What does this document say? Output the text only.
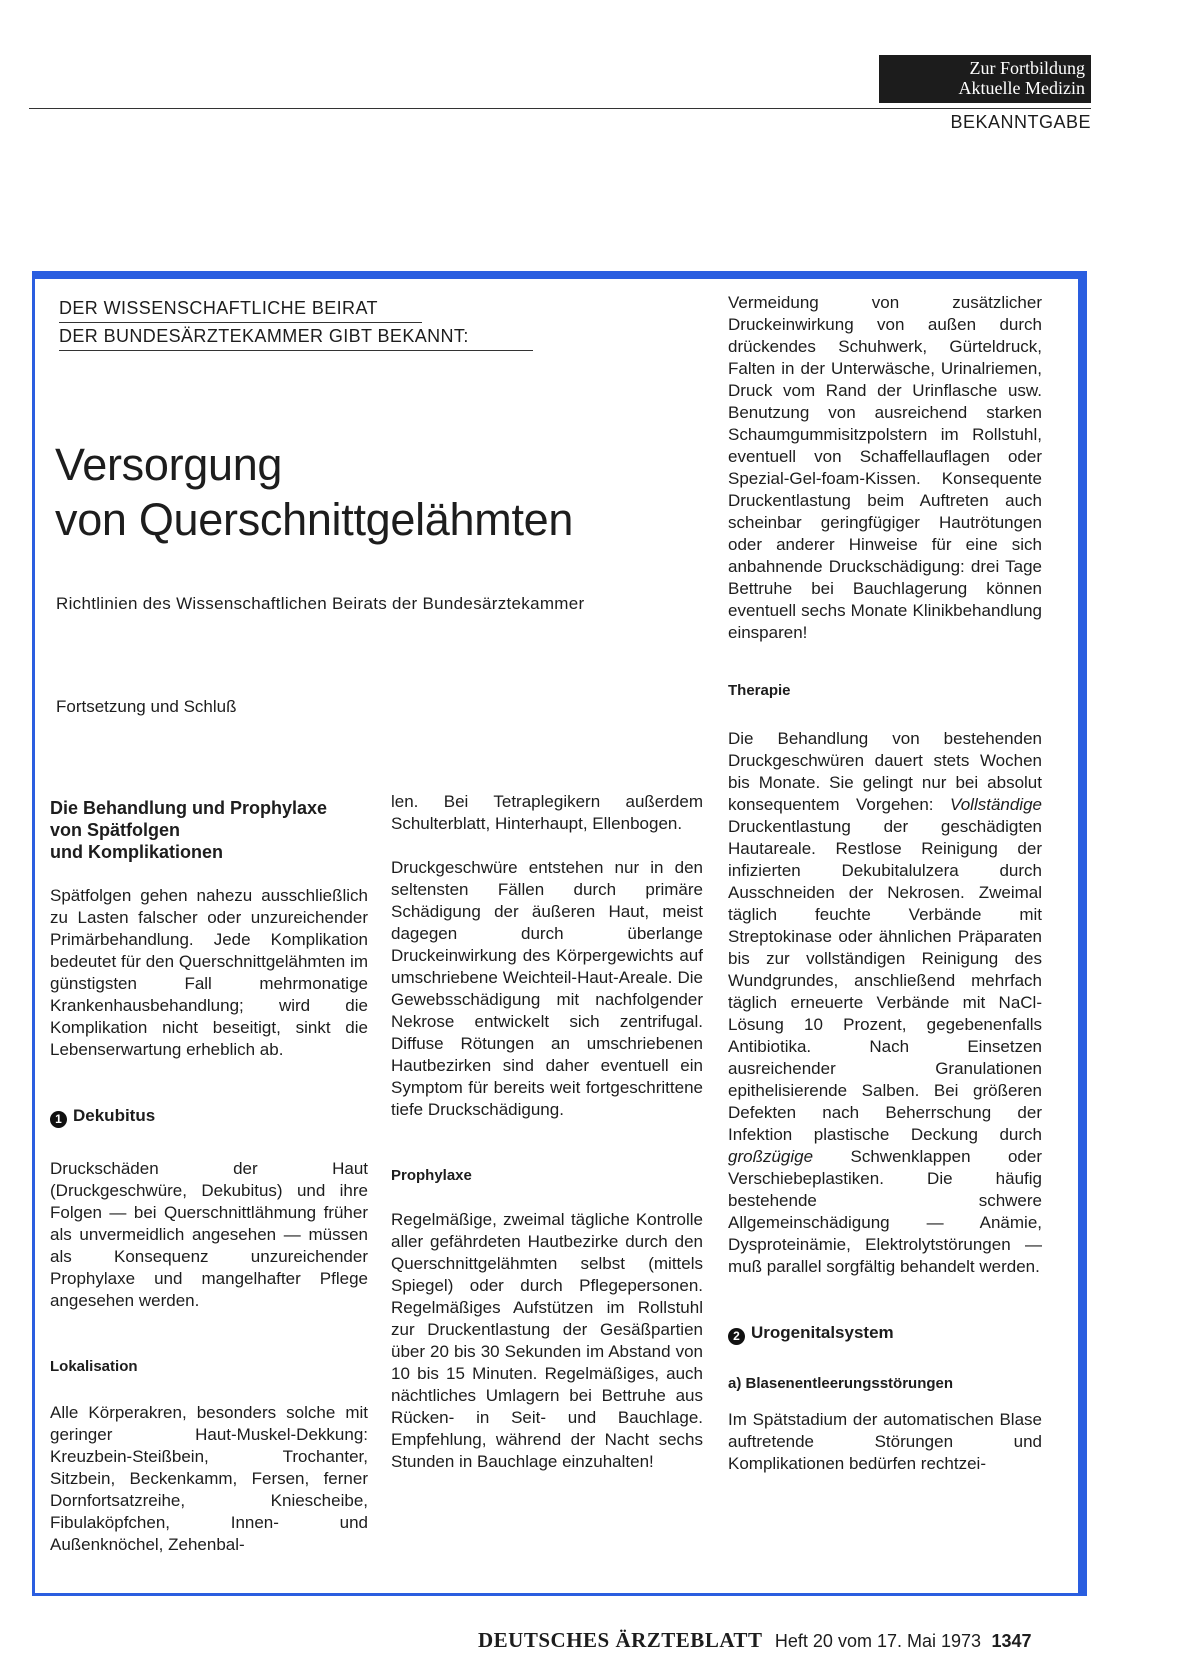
Zur Fortbildung
Aktuelle Medizin
BEKANNTGABE
DER WISSENSCHAFTLICHE BEIRAT
DER BUNDESÄRZTEKAMMER GIBT BEKANNT:
Versorgung
von Querschnittgelähmten
Richtlinien des Wissenschaftlichen Beirats der Bundesärztekammer
Fortsetzung und Schluß
Die Behandlung und Prophylaxe
von Spätfolgen
und Komplikationen

Spätfolgen gehen nahezu ausschließlich zu Lasten falscher oder unzureichender Primärbehandlung. Jede Komplikation bedeutet für den Querschnittgelähmten im günstigsten Fall mehrmonatige Krankenhausbehandlung; wird die Komplikation nicht beseitigt, sinkt die Lebenserwartung erheblich ab.

1 Dekubitus

Druckschäden der Haut (Druckgeschwüre, Dekubitus) und ihre Folgen — bei Querschnittlähmung früher als unvermeidlich angesehen — müssen als Konsequenz unzureichender Prophylaxe und mangelhafter Pflege angesehen werden.

Lokalisation

Alle Körperakren, besonders solche mit geringer Haut-Muskel-Dekkung: Kreuzbein-Steißbein, Trochanter, Sitzbein, Beckenkamm, Fersen, ferner Dornfortsatzreihe, Kniescheibe, Fibulaköpfchen, Innen- und Außenknöchel, Zehenbal-

len. Bei Tetraplegikern außerdem Schulterblatt, Hinterhaupt, Ellenbogen.

Druckgeschwüre entstehen nur in den seltensten Fällen durch primäre Schädigung der äußeren Haut, meist dagegen durch überlange Druckeinwirkung des Körpergewichts auf umschriebene Weichteil-Haut-Areale. Die Gewebsschädigung mit nachfolgender Nekrose entwickelt sich zentrifugal. Diffuse Rötungen an umschriebenen Hautbezirken sind daher eventuell ein Symptom für bereits weit fortgeschrittene tiefe Druckschädigung.

Prophylaxe

Regelmäßige, zweimal tägliche Kontrolle aller gefährdeten Hautbezirke durch den Querschnittgelähmten selbst (mittels Spiegel) oder durch Pflegepersonen. Regelmäßiges Aufstützen im Rollstuhl zur Druckentlastung der Gesäßpartien über 20 bis 30 Sekunden im Abstand von 10 bis 15 Minuten. Regelmäßiges, auch nächtliches Umlagern bei Bettruhe aus Rücken- in Seit- und Bauchlage. Empfehlung, während der Nacht sechs Stunden in Bauchlage einzuhalten!

Vermeidung von zusätzlicher Druckeinwirkung von außen durch drückendes Schuhwerk, Gürteldruck, Falten in der Unterwäsche, Urinalriemen, Druck vom Rand der Urinflasche usw. Benutzung von ausreichend starken Schaumgummisitzpolstern im Rollstuhl, eventuell von Schaffellauflagen oder Spezial-Gel-foam-Kissen. Konsequente Druckentlastung beim Auftreten auch scheinbar geringfügiger Hautrötungen oder anderer Hinweise für eine sich anbahnende Druckschädigung: drei Tage Bettruhe bei Bauchlagerung können eventuell sechs Monate Klinikbehandlung einsparen!

Therapie

Die Behandlung von bestehenden Druckgeschwüren dauert stets Wochen bis Monate. Sie gelingt nur bei absolut konsequentem Vorgehen: Vollständige Druckentlastung der geschädigten Hautareale. Restlose Reinigung der infizierten Dekubitalulzera durch Ausschneiden der Nekrosen. Zweimal täglich feuchte Verbände mit Streptokinase oder ähnlichen Präparaten bis zur vollständigen Reinigung des Wundgrundes, anschließend mehrfach täglich erneuerte Verbände mit NaCl-Lösung 10 Prozent, gegebenenfalls Antibiotika. Nach Einsetzen ausreichender Granulationen epithelisierende Salben. Bei größeren Defekten nach Beherrschung der Infektion plastische Deckung durch großzügige Schwenklappen oder Verschiebeplastiken. Die häufig bestehende schwere Allgemeinschädigung — Anämie, Dysproteinämie, Elektrolytstörungen — muß parallel sorgfältig behandelt werden.

2 Urogenitalsystem
a) Blasenentleerungsstörungen

Im Spätstadium der automatischen Blase auftretende Störungen und Komplikationen bedürfen rechtzei-

DEUTSCHES ÄRZTEBLATT Heft 20 vom 17. Mai 1973 1347
